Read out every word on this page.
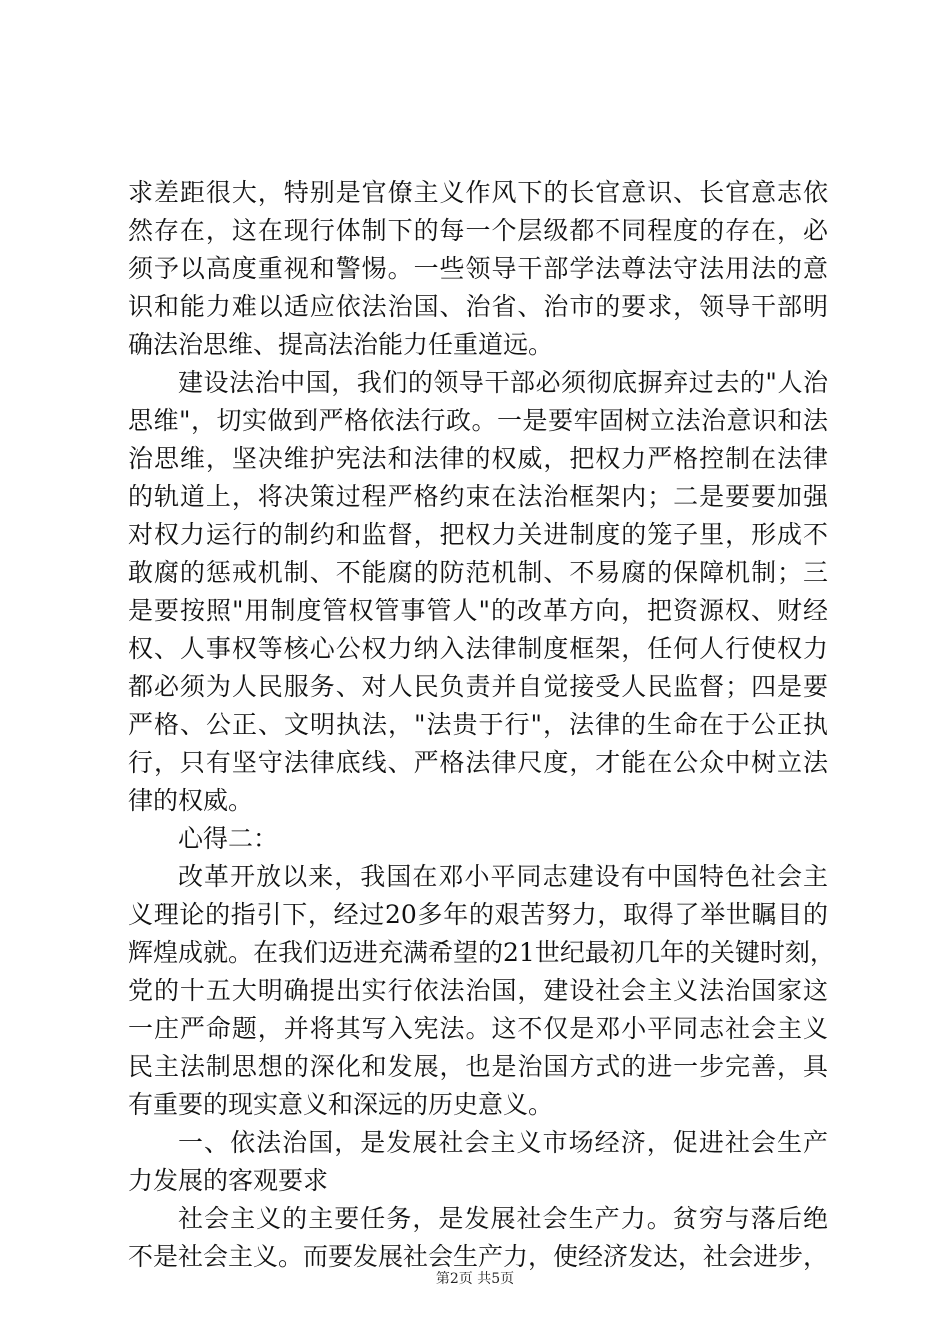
求差距很大，特别是官僚主义作风下的长官意识、长官意志依
然存在，这在现行体制下的每一个层级都不同程度的存在，必
须予以高度重视和警惕。一些领导干部学法尊法守法用法的意
识和能力难以适应依法治国、治省、治市的要求，领导干部明
确法治思维、提高法治能力任重道远。
建设法治中国，我们的领导干部必须彻底摒弃过去的"人治
思维"，切实做到严格依法行政。一是要牢固树立法治意识和法
治思维，坚决维护宪法和法律的权威，把权力严格控制在法律
的轨道上，将决策过程严格约束在法治框架内；二是要要加强
对权力运行的制约和监督，把权力关进制度的笼子里，形成不
敢腐的惩戒机制、不能腐的防范机制、不易腐的保障机制；三
是要按照"用制度管权管事管人"的改革方向，把资源权、财经
权、人事权等核心公权力纳入法律制度框架，任何人行使权力
都必须为人民服务、对人民负责并自觉接受人民监督；四是要
严格、公正、文明执法，"法贵于行"，法律的生命在于公正执
行，只有坚守法律底线、严格法律尺度，才能在公众中树立法
律的权威。
心得二：
改革开放以来，我国在邓小平同志建设有中国特色社会主
义理论的指引下，经过20多年的艰苦努力，取得了举世瞩目的
辉煌成就。在我们迈进充满希望的21世纪最初几年的关键时刻，
党的十五大明确提出实行依法治国，建设社会主义法治国家这
一庄严命题，并将其写入宪法。这不仅是邓小平同志社会主义
民主法制思想的深化和发展，也是治国方式的进一步完善，具
有重要的现实意义和深远的历史意义。
一、依法治国，是发展社会主义市场经济，促进社会生产
力发展的客观要求
社会主义的主要任务，是发展社会生产力。贫穷与落后绝
不是社会主义。而要发展社会生产力，使经济发达，社会进步，
第2页 共5页
